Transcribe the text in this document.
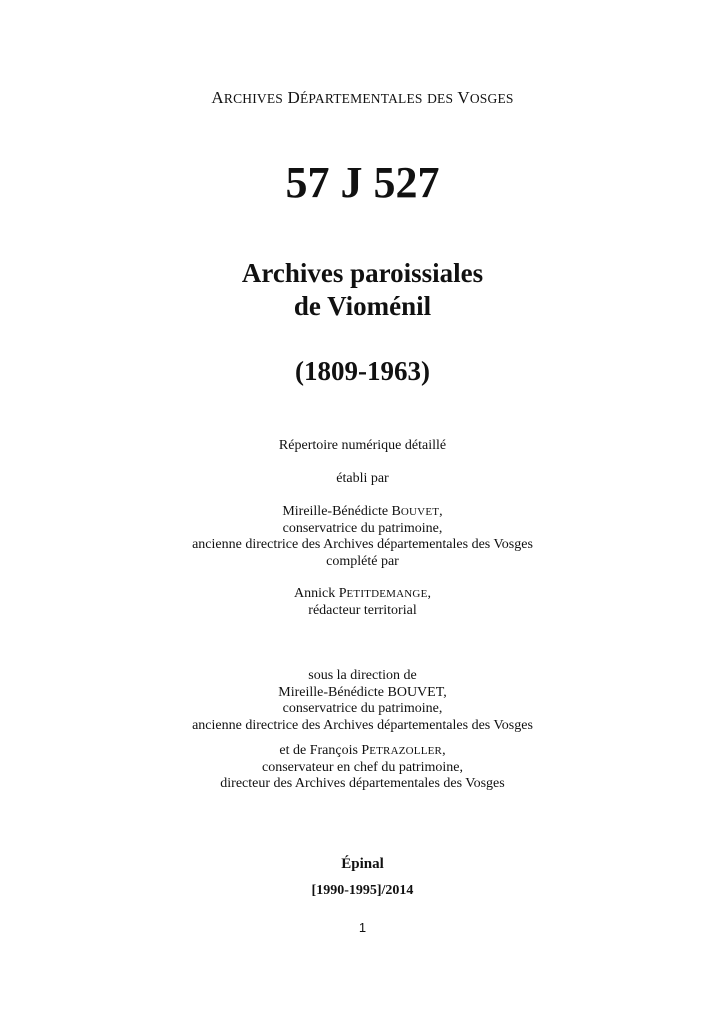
ARCHIVES DÉPARTEMENTALES DES VOSGES
57 J 527
Archives paroissiales
de Vioménil
(1809-1963)
Répertoire numérique détaillé
établi par
Mireille-Bénédicte BOUVET,
conservatrice du patrimoine,
ancienne directrice des Archives départementales des Vosges
complété par
Annick PETITDEMANGE,
rédacteur territorial
sous la direction de
Mireille-Bénédicte BOUVET,
conservatrice du patrimoine,
ancienne directrice des Archives départementales des Vosges
et de François PETRAZOLLER,
conservateur en chef du patrimoine,
directeur des Archives départementales des Vosges
Épinal
[1990-1995]/2014
1
